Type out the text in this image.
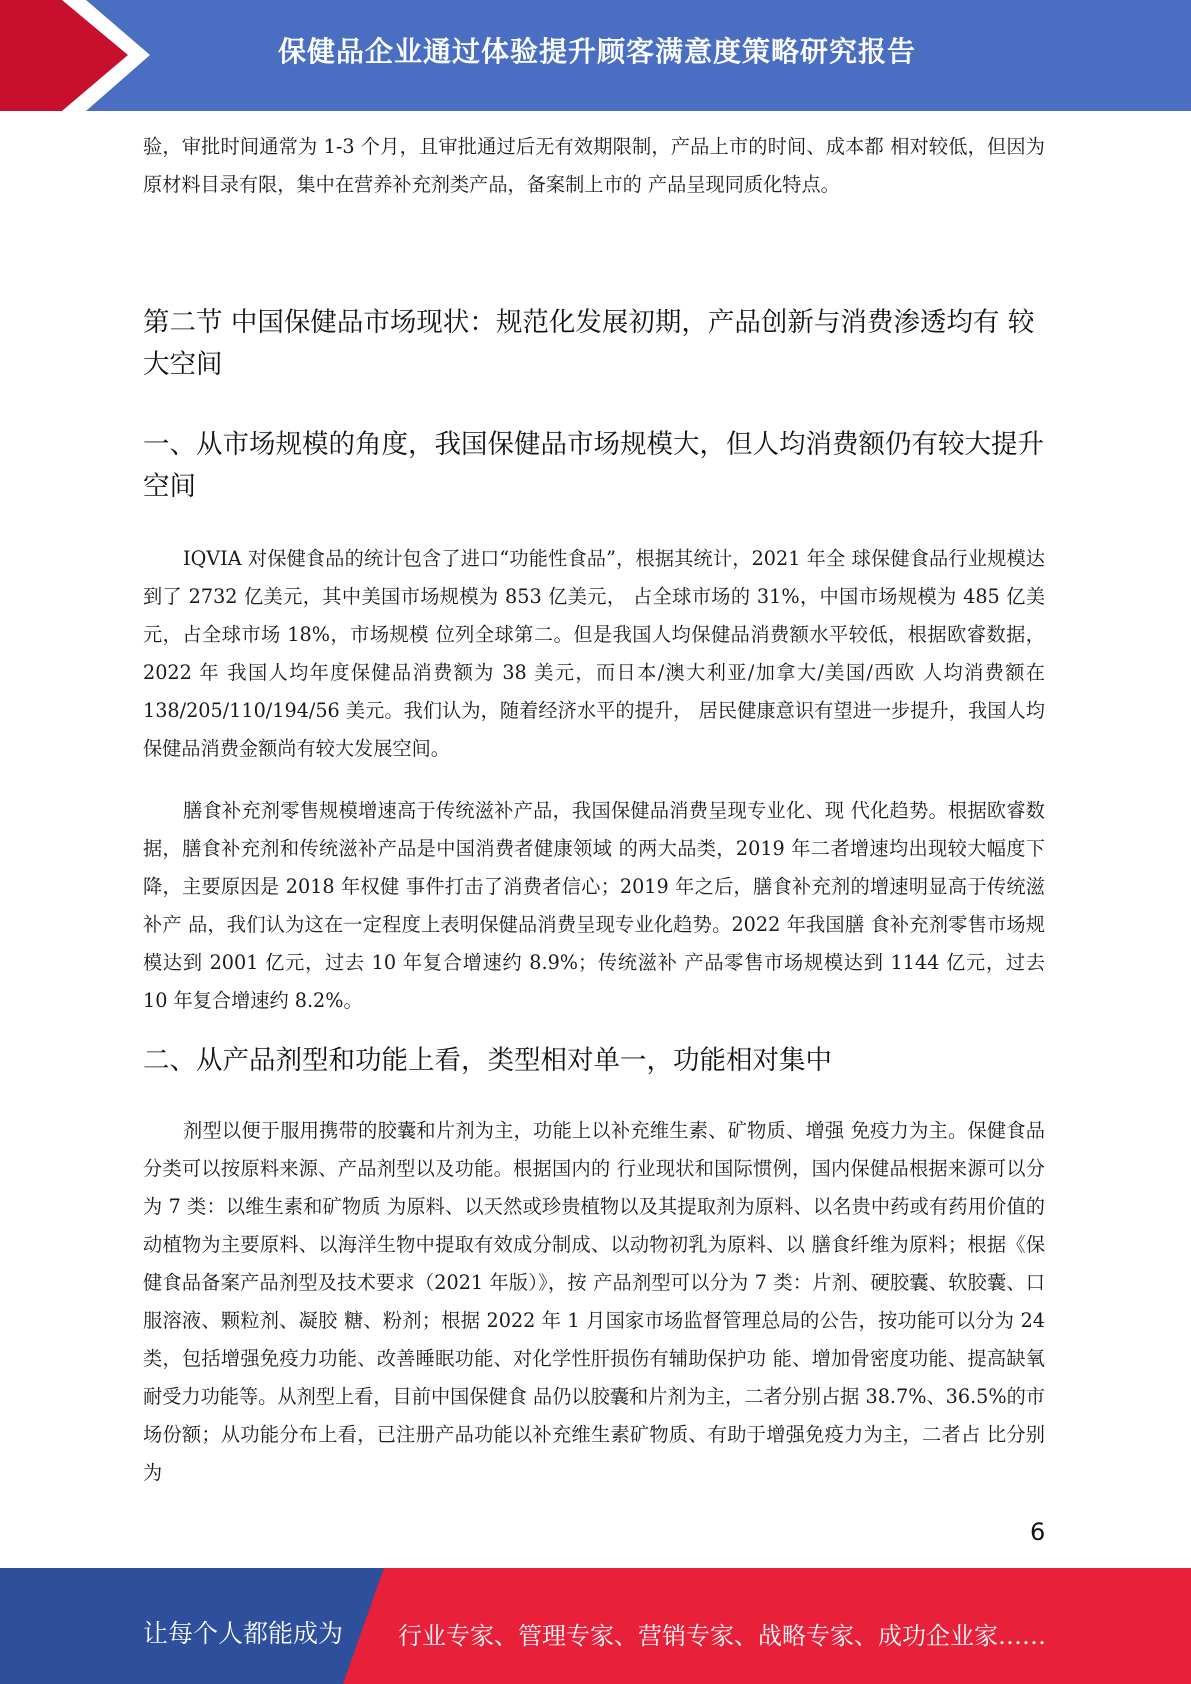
保健品企业通过体验提升顾客满意度策略研究报告

验，审批时间通常为 1-3 个月，且审批通过后无有效期限制，产品上市的时间、成本都 相对较低，但因为原材料目录有限，集中在营养补充剂类产品，备案制上市的 产品呈现同质化特点。

第二节 中国保健品市场现状：规范化发展初期，产品创新与消费渗透均有 较大空间
一、从市场规模的角度，我国保健品市场规模大，但人均消费额仍有较大提升 空间

IQVIA 对保健食品的统计包含了进口“功能性食品”，根据其统计，2021 年全 球保健食品行业规模达到了 2732 亿美元，其中美国市场规模为 853 亿美元， 占全球市场的 31%，中国市场规模为 485 亿美元，占全球市场 18%，市场规模 位列全球第二。但是我国人均保健品消费额水平较低，根据欧睿数据，2022 年 我国人均年度保健品消费额为 38 美元，而日本/澳大利亚/加拿大/美国/西欧 人均消费额在 138/205/110/194/56 美元。我们认为，随着经济水平的提升， 居民健康意识有望进一步提升，我国人均保健品消费金额尚有较大发展空间。

膳食补充剂零售规模增速高于传统滋补产品，我国保健品消费呈现专业化、现 代化趋势。根据欧睿数据，膳食补充剂和传统滋补产品是中国消费者健康领域 的两大品类，2019 年二者增速均出现较大幅度下降，主要原因是 2018 年权健 事件打击了消费者信心；2019 年之后，膳食补充剂的增速明显高于传统滋补产 品，我们认为这在一定程度上表明保健品消费呈现专业化趋势。2022 年我国膳 食补充剂零售市场规模达到 2001 亿元，过去 10 年复合增速约 8.9%；传统滋补 产品零售市场规模达到 1144 亿元，过去 10 年复合增速约 8.2%。

二、从产品剂型和功能上看，类型相对单一，功能相对集中

剂型以便于服用携带的胶囊和片剂为主，功能上以补充维生素、矿物质、增强 免疫力为主。保健食品分类可以按原料来源、产品剂型以及功能。根据国内的 行业现状和国际惯例，国内保健品根据来源可以分为 7 类：以维生素和矿物质 为原料、以天然或珍贵植物以及其提取剂为原料、以名贵中药或有药用价值的 动植物为主要原料、以海洋生物中提取有效成分制成、以动物初乳为原料、以 膳食纤维为原料；根据《保健食品备案产品剂型及技术要求（2021 年版）》，按 产品剂型可以分为 7 类：片剂、硬胶囊、软胶囊、口服溶液、颗粒剂、凝胶 糖、粉剂；根据 2022 年 1 月国家市场监督管理总局的公告，按功能可以分为 24 类，包括增强免疫力功能、改善睡眠功能、对化学性肝损伤有辅助保护功 能、增加骨密度功能、提高缺氧耐受力功能等。从剂型上看，目前中国保健食 品仍以胶囊和片剂为主，二者分别占据 38.7%、36.5%的市场份额；从功能分布上看，已注册产品功能以补充维生素矿物质、有助于增强免疫力为主，二者占 比分别为

6
让每个人都能成为 行业专家、管理专家、营销专家、战略专家、成功企业家……
